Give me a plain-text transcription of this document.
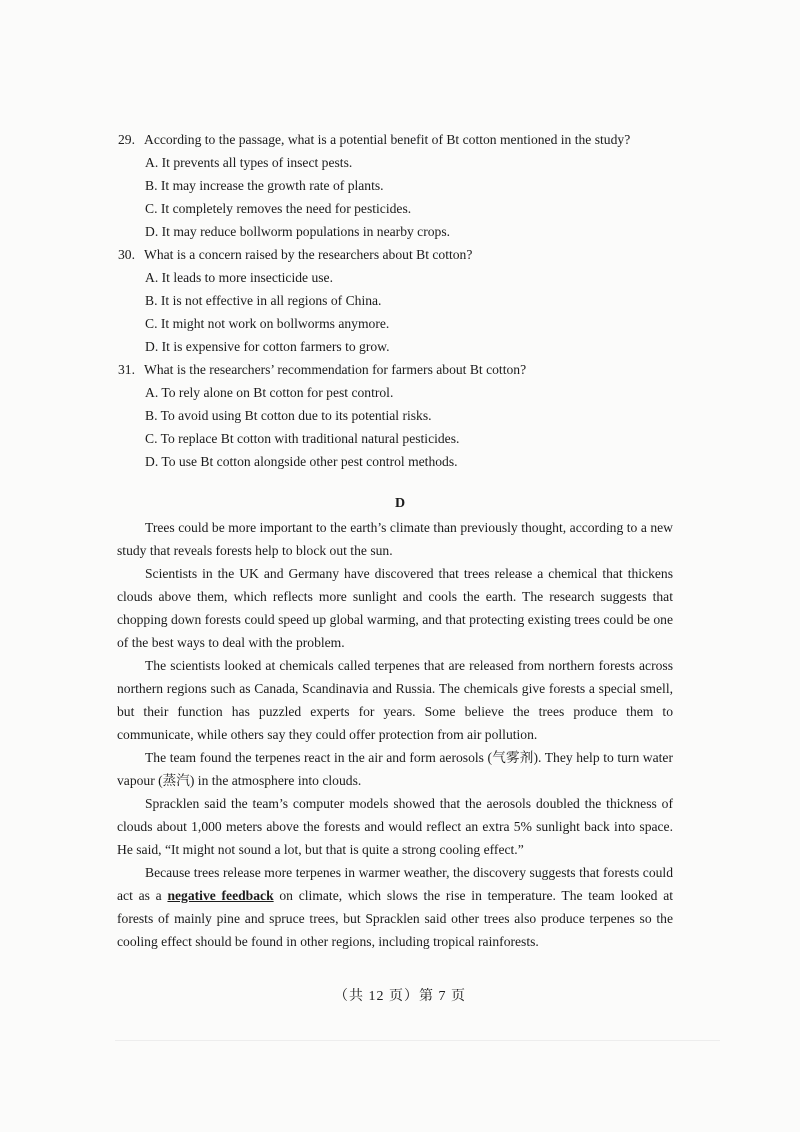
29. According to the passage, what is a potential benefit of Bt cotton mentioned in the study?
A. It prevents all types of insect pests.
B. It may increase the growth rate of plants.
C. It completely removes the need for pesticides.
D. It may reduce bollworm populations in nearby crops.
30. What is a concern raised by the researchers about Bt cotton?
A. It leads to more insecticide use.
B. It is not effective in all regions of China.
C. It might not work on bollworms anymore.
D. It is expensive for cotton farmers to grow.
31. What is the researchers’ recommendation for farmers about Bt cotton?
A. To rely alone on Bt cotton for pest control.
B. To avoid using Bt cotton due to its potential risks.
C. To replace Bt cotton with traditional natural pesticides.
D. To use Bt cotton alongside other pest control methods.
D

Trees could be more important to the earth’s climate than previously thought, according to a new study that reveals forests help to block out the sun.

Scientists in the UK and Germany have discovered that trees release a chemical that thickens clouds above them, which reflects more sunlight and cools the earth. The research suggests that chopping down forests could speed up global warming, and that protecting existing trees could be one of the best ways to deal with the problem.

The scientists looked at chemicals called terpenes that are released from northern forests across northern regions such as Canada, Scandinavia and Russia. The chemicals give forests a special smell, but their function has puzzled experts for years. Some believe the trees produce them to communicate, while others say they could offer protection from air pollution.

The team found the terpenes react in the air and form aerosols (气雾剂). They help to turn water vapour (蒸汽) in the atmosphere into clouds.

Spracklen said the team’s computer models showed that the aerosols doubled the thickness of clouds about 1,000 meters above the forests and would reflect an extra 5% sunlight back into space. He said, “It might not sound a lot, but that is quite a strong cooling effect.”

Because trees release more terpenes in warmer weather, the discovery suggests that forests could act as a negative feedback on climate, which slows the rise in temperature. The team looked at forests of mainly pine and spruce trees, but Spracklen said other trees also produce terpenes so the cooling effect should be found in other regions, including tropical rainforests.

（共 12 页）第 7 页
